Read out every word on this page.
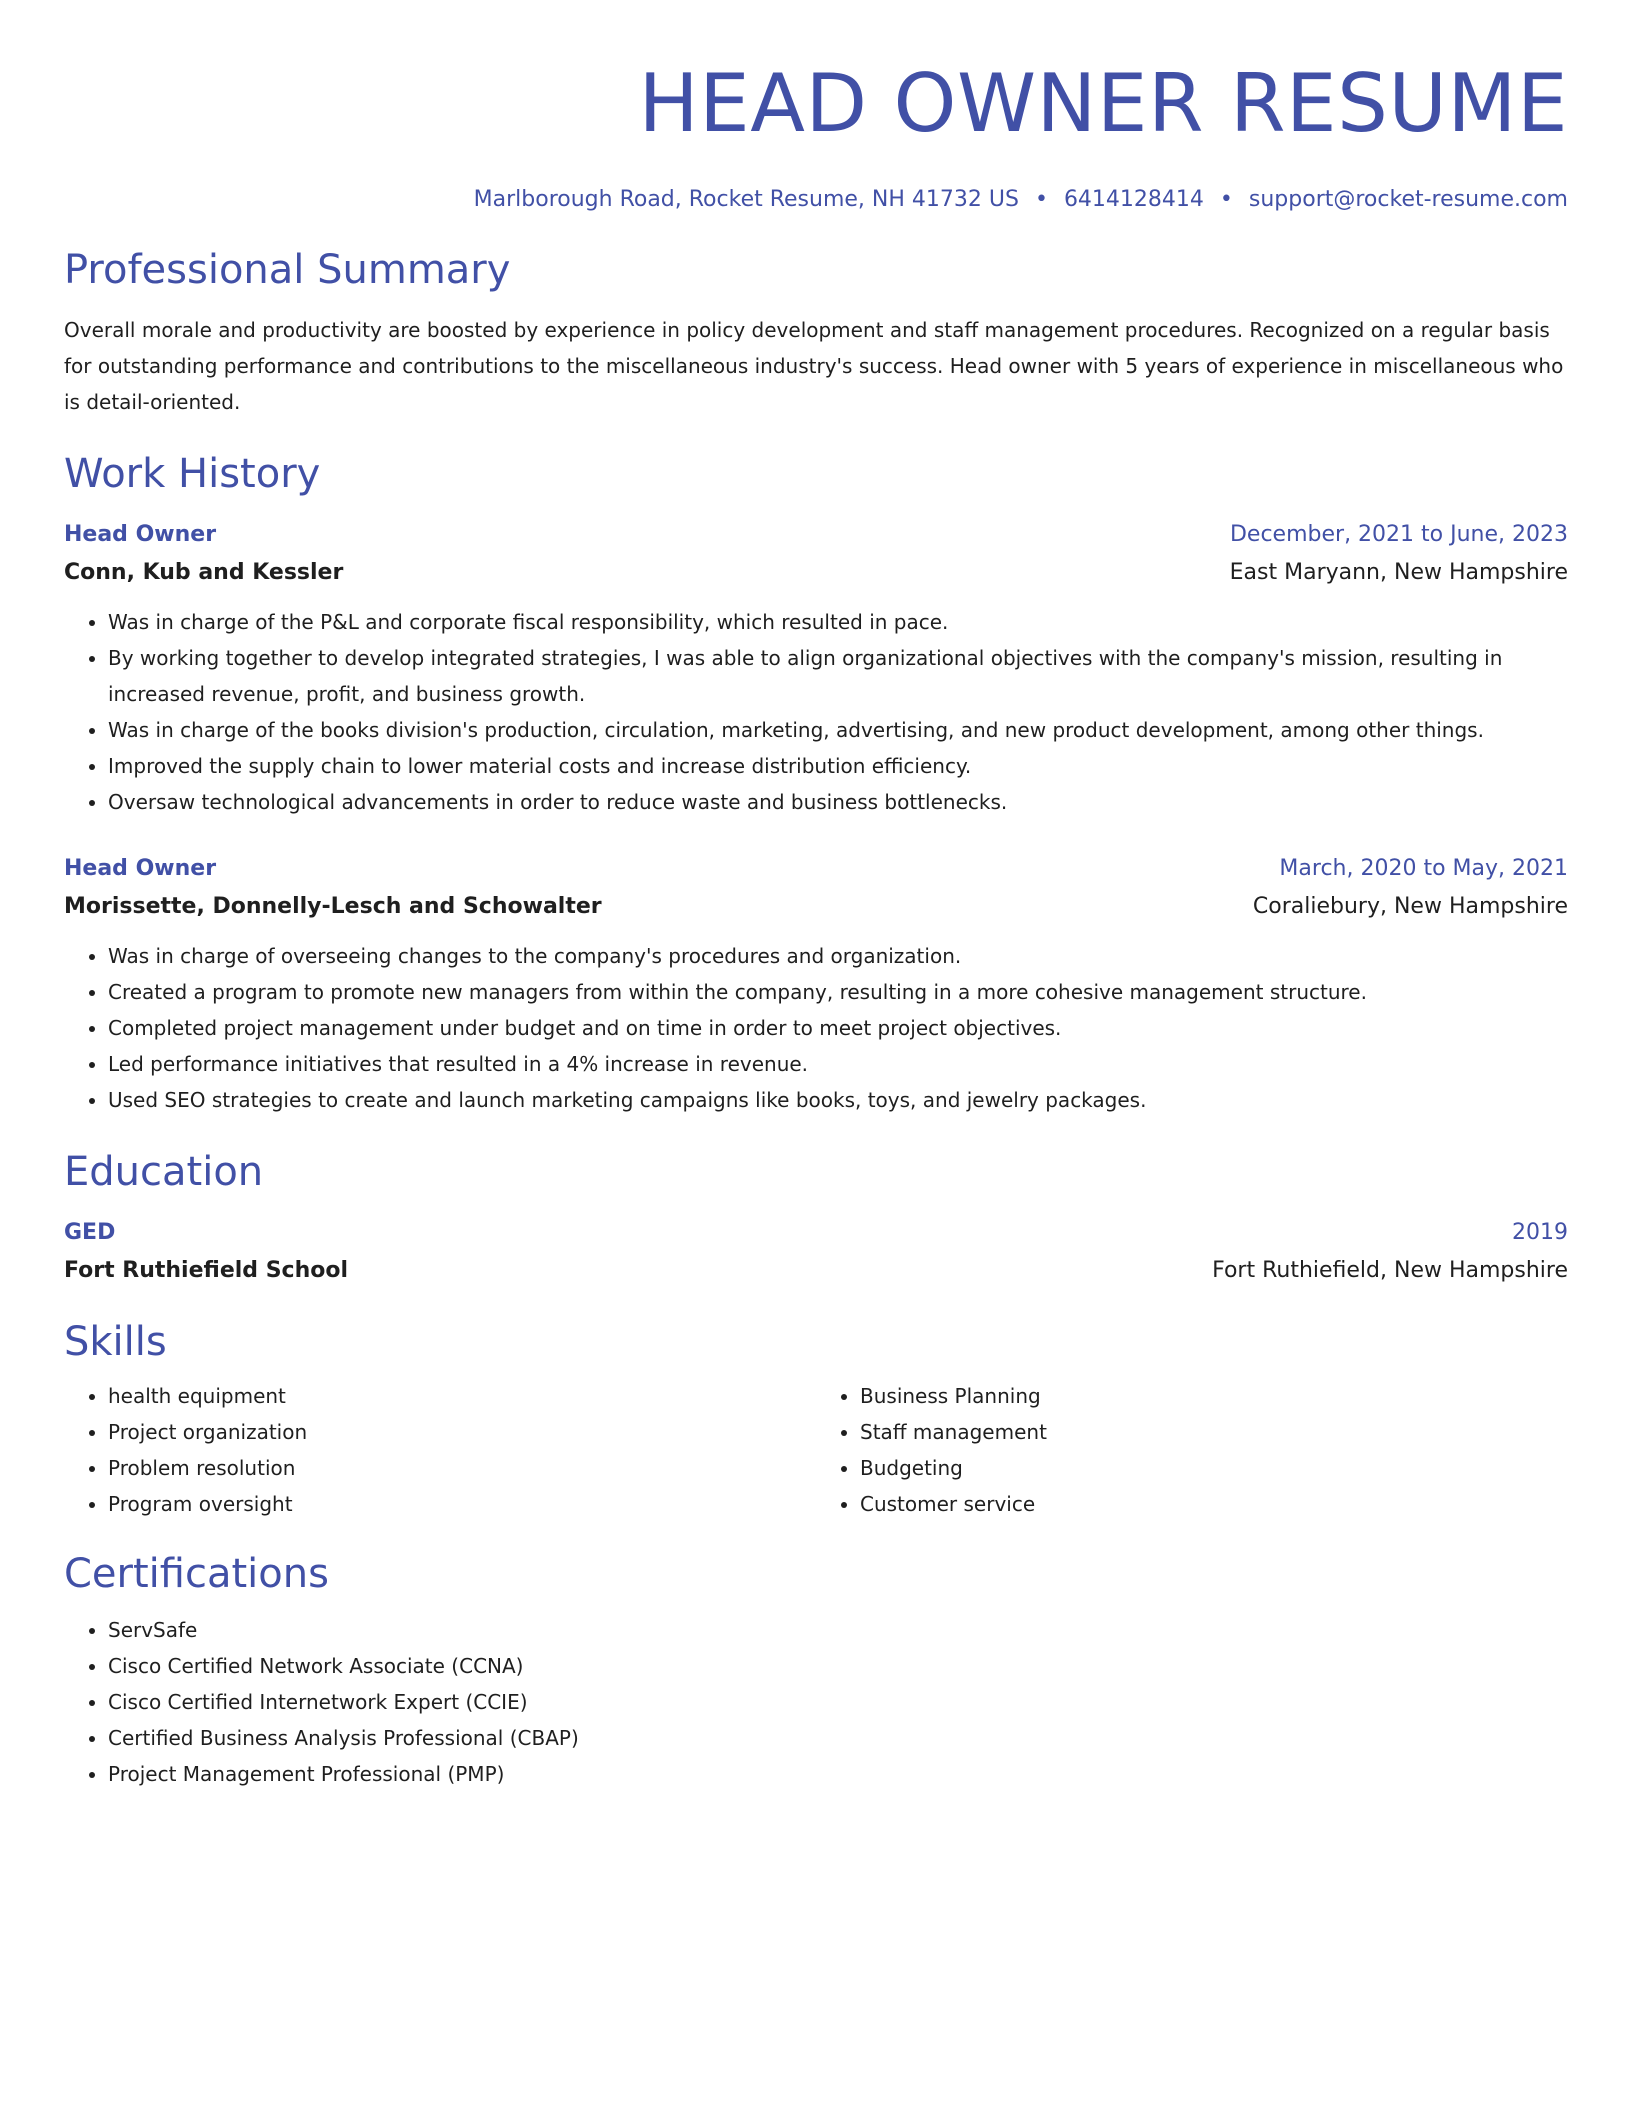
HEAD OWNER RESUME
Marlborough Road, Rocket Resume, NH 41732 US • 6414128414 • support@rocket-resume.com
Professional Summary

Overall morale and productivity are boosted by experience in policy development and staff management procedures. Recognized on a regular basis for outstanding performance and contributions to the miscellaneous industry's success. Head owner with 5 years of experience in miscellaneous who is detail-oriented.

Work History
Head Owner	December, 2021 to June, 2023
Conn, Kub and Kessler	East Maryann, New Hampshire
• Was in charge of the P&L and corporate fiscal responsibility, which resulted in pace.
• By working together to develop integrated strategies, I was able to align organizational objectives with the company's mission, resulting in increased revenue, profit, and business growth.
• Was in charge of the books division's production, circulation, marketing, advertising, and new product development, among other things.
• Improved the supply chain to lower material costs and increase distribution efficiency.
• Oversaw technological advancements in order to reduce waste and business bottlenecks.
Head Owner	March, 2020 to May, 2021
Morissette, Donnelly-Lesch and Schowalter	Coraliebury, New Hampshire
• Was in charge of overseeing changes to the company's procedures and organization.
• Created a program to promote new managers from within the company, resulting in a more cohesive management structure.
• Completed project management under budget and on time in order to meet project objectives.
• Led performance initiatives that resulted in a 4% increase in revenue.
• Used SEO strategies to create and launch marketing campaigns like books, toys, and jewelry packages.
Education
GED	2019
Fort Ruthiefield School	Fort Ruthiefield, New Hampshire
Skills
• health equipment
• Project organization
• Problem resolution
• Program oversight
• Business Planning
• Staff management
• Budgeting
• Customer service
Certifications
• ServSafe
• Cisco Certified Network Associate (CCNA)
• Cisco Certified Internetwork Expert (CCIE)
• Certified Business Analysis Professional (CBAP)
• Project Management Professional (PMP)
